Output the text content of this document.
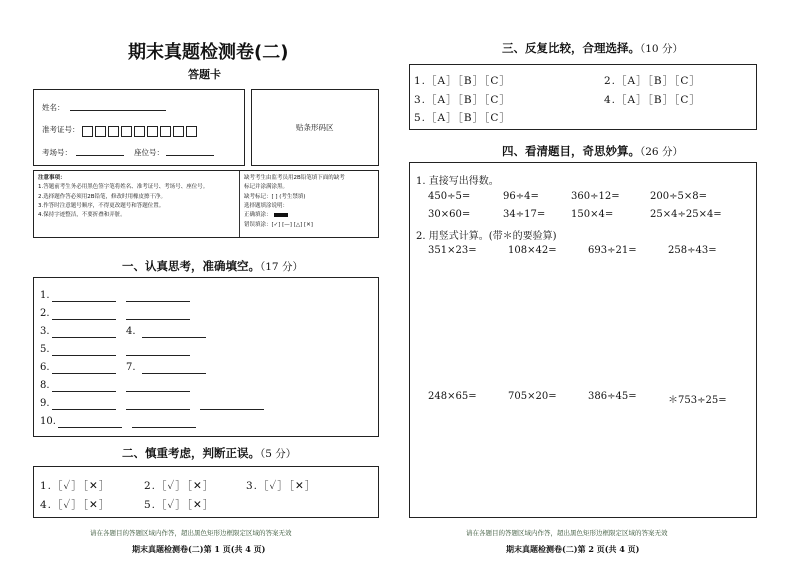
期末真题检测卷(二)
答题卡
姓名：
准考证号：
考场号：	座位号：
贴条形码区
注意事项：
1.答题前考生务必用黑色签字笔将姓名、准考证号、考场号、座位号。
2.选择题作答必须用2B铅笔，修改时用橡皮擦干净。
3.作答时注意题号顺序，不得更改题号和答题位置。
4.保持字迹整洁，不要折叠和弄脏。
缺考考生由监考员用2B铅笔填下面的缺考
标记并涂满涂黑。
缺考标记：[ ] (考生禁填)
选择题填涂说明：
正确填涂：
错误填涂：[✓] [—] [△] [✕]
一、认真思考，准确填空。（17 分）
1.
2.
3.	4.
5.
6.	7.
8.
9.
10.
二、慎重考虑，判断正误。（5 分）
1.［✓］［✕］	2.［✓］［✕］	3.［✓］［✕］
4.［✓］［✕］	5.［✓］［✕］
请在各题目的答题区域内作答，超出黑色矩形边框限定区域的答案无效
期末真题检测卷(二)第 1 页(共 4 页)
三、反复比较，合理选择。（10 分）
1.［A］［B］［C］	2.［A］［B］［C］
3.［A］［B］［C］	4.［A］［B］［C］
5.［A］［B］［C］
四、看清题目，奇思妙算。（26 分）
1. 直接写出得数。
450÷5=	96÷4=	360÷12=	200÷5×8=
30×60=	34÷17=	150×4=	25×4÷25×4=
2. 用竖式计算。(带＊的要验算)
351×23=	108×42=	693÷21=	258÷43=
248×65=	705×20=	386÷45=	＊753÷25=
请在各题目的答题区域内作答，超出黑色矩形边框限定区域的答案无效
期末真题检测卷(二)第 2 页(共 4 页)
